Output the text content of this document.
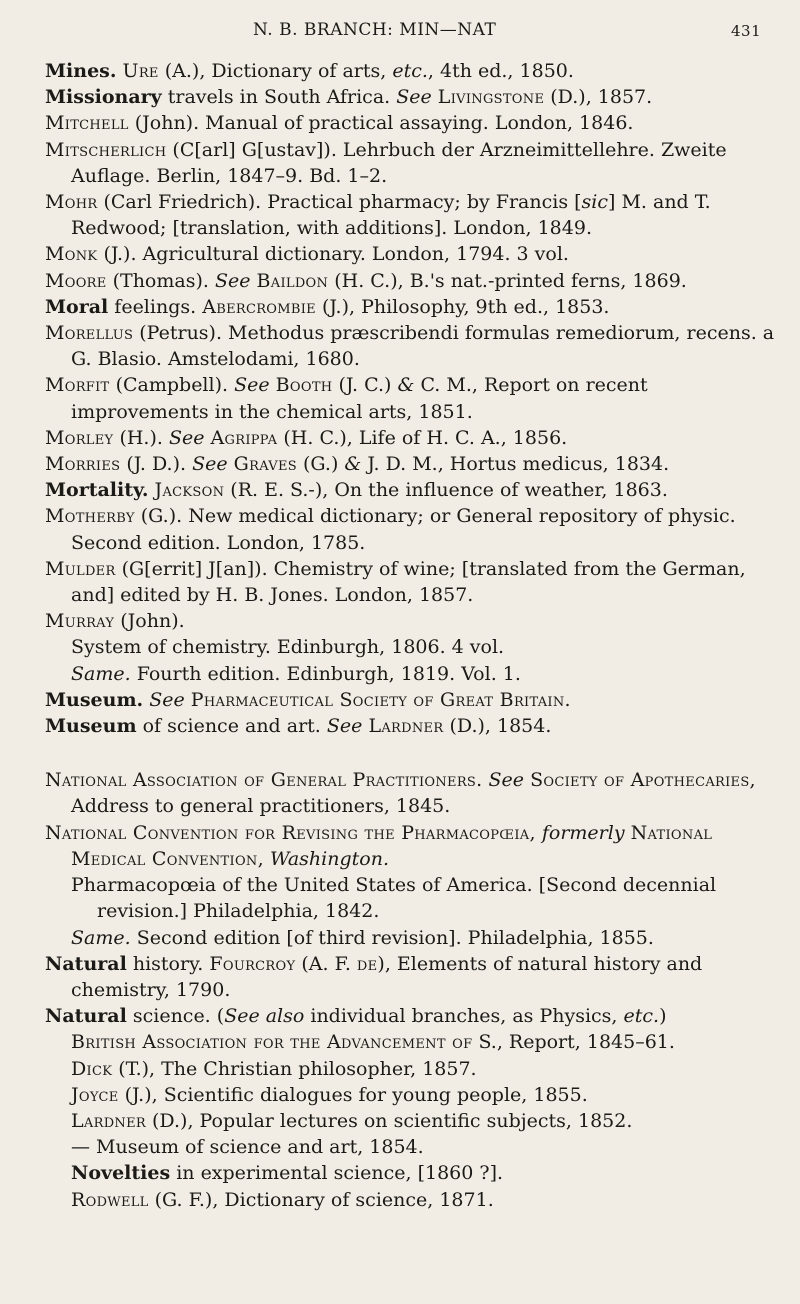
N. B. BRANCH: MIN—NAT	431
Mines. Ure (A.), Dictionary of arts, etc., 4th ed., 1850.
Missionary travels in South Africa. See Livingstone (D.), 1857.
Mitchell (John). Manual of practical assaying. London, 1846.
Mitscherlich (C[arl] G[ustav]). Lehrbuch der Arzneimittellehre. Zweite Auflage. Berlin, 1847–9. Bd. 1–2.
Mohr (Carl Friedrich). Practical pharmacy; by Francis [sic] M. and T. Redwood; [translation, with additions]. London, 1849.
Monk (J.). Agricultural dictionary. London, 1794. 3 vol.
Moore (Thomas). See Baildon (H. C.), B.'s nat.-printed ferns, 1869.
Moral feelings. Abercrombie (J.), Philosophy, 9th ed., 1853.
Morellus (Petrus). Methodus præscribendi formulas remediorum, recens. a G. Blasio. Amstelodami, 1680.
Morfit (Campbell). See Booth (J. C.) & C. M., Report on recent improvements in the chemical arts, 1851.
Morley (H.). See Agrippa (H. C.), Life of H. C. A., 1856.
Morries (J. D.). See Graves (G.) & J. D. M., Hortus medicus, 1834.
Mortality. Jackson (R. E. S.-), On the influence of weather, 1863.
Motherby (G.). New medical dictionary; or General repository of physic. Second edition. London, 1785.
Mulder (G[errit] J[an]). Chemistry of wine; [translated from the German, and] edited by H. B. Jones. London, 1857.
Murray (John).
System of chemistry. Edinburgh, 1806. 4 vol.
Same. Fourth edition. Edinburgh, 1819. Vol. 1.
Museum. See Pharmaceutical Society of Great Britain.
Museum of science and art. See Lardner (D.), 1854.
National Association of General Practitioners. See Society of Apothecaries, Address to general practitioners, 1845.
National Convention for Revising the Pharmacopœia, formerly National Medical Convention, Washington.
Pharmacopœia of the United States of America. [Second decennial revision.] Philadelphia, 1842.
Same. Second edition [of third revision]. Philadelphia, 1855.
Natural history. Fourcroy (A. F. de), Elements of natural history and chemistry, 1790.
Natural science. (See also individual branches, as Physics, etc.)
British Association for the Advancement of S., Report, 1845–61.
Dick (T.), The Christian philosopher, 1857.
Joyce (J.), Scientific dialogues for young people, 1855.
Lardner (D.), Popular lectures on scientific subjects, 1852.
— Museum of science and art, 1854.
Novelties in experimental science, [1860 ?].
Rodwell (G. F.), Dictionary of science, 1871.
